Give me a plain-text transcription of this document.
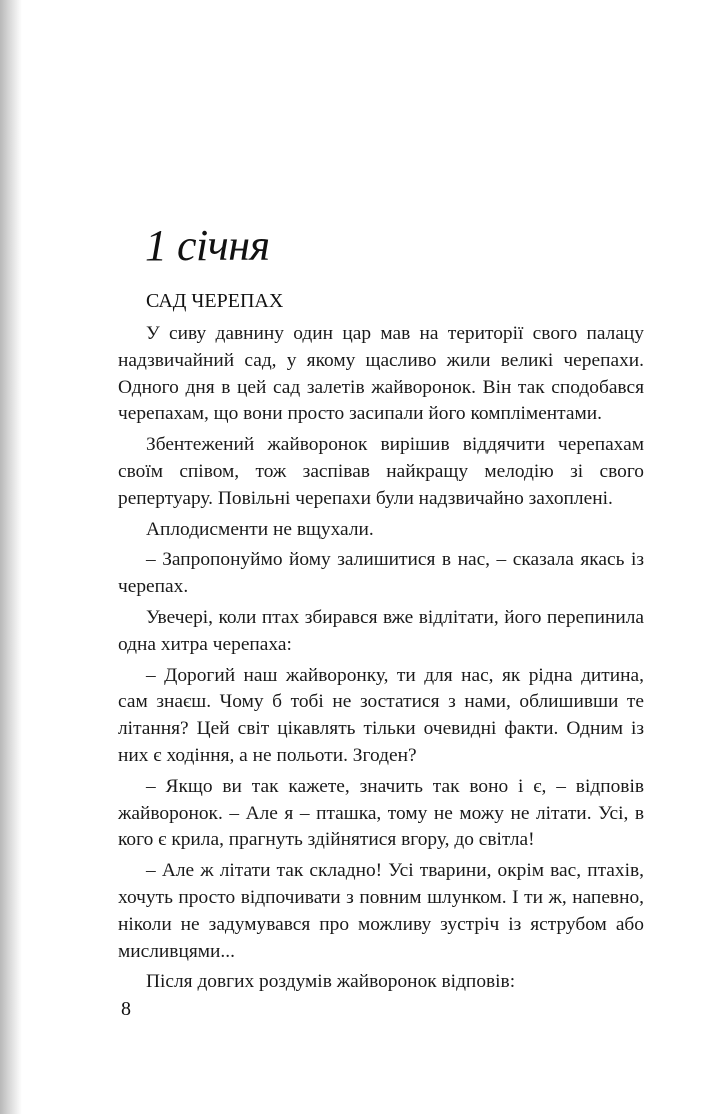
1 січня
САД ЧЕРЕПАХ

У сиву давнину один цар мав на території свого палацу надзвичайний сад, у якому щасливо жили великі черепахи. Одного дня в цей сад залетів жайворонок. Він так сподобався черепахам, що вони просто засипали його компліментами.

Збентежений жайворонок вирішив віддячити черепахам своїм співом, тож заспівав найкращу мелодію зі свого репертуару. Повільні черепахи були надзвичайно захоплені.

Аплодисменти не вщухали.

– Запропонуймо йому залишитися в нас, – сказала якась із черепах.

Увечері, коли птах збирався вже відлітати, його перепинила одна хитра черепаха:

– Дорогий наш жайворонку, ти для нас, як рідна дитина, сам знаєш. Чому б тобі не зостатися з нами, облишивши те літання? Цей світ цікавлять тільки очевидні факти. Одним із них є ходіння, а не польоти. Згоден?

– Якщо ви так кажете, значить так воно і є, – відповів жайворонок. – Але я – пташка, тому не можу не літати. Усі, в кого є крила, прагнуть здійнятися вгору, до світла!

– Але ж літати так складно! Усі тварини, окрім вас, птахів, хочуть просто відпочивати з повним шлунком. І ти ж, напевно, ніколи не задумувався про можливу зустріч із яструбом або мисливцями...

Після довгих роздумів жайворонок відповів:

8
